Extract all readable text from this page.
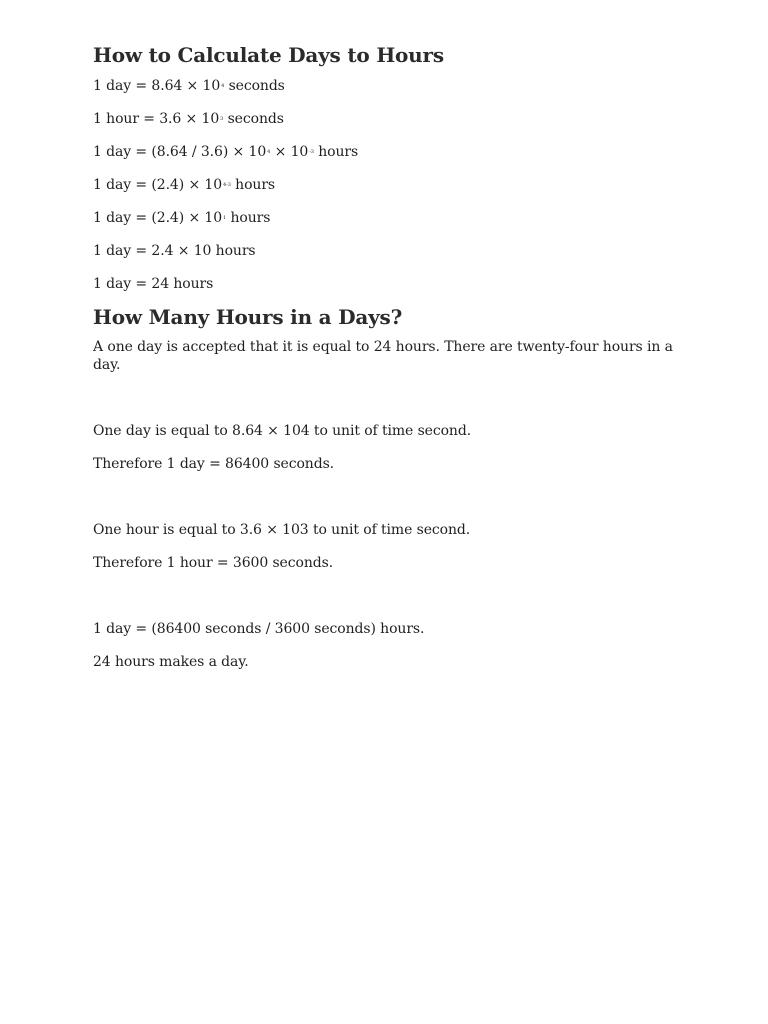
How to Calculate Days to Hours

1 day = $8.64 \times 10^4$ seconds

1 hour = $3.6 \times 10^3$ seconds

1 day = $(8.64 / 3.6) \times 10^4 \times 10^{-3}$ hours

1 day = $(2.4) \times 10^{4-3}$ hours

1 day = $(2.4) \times 10^1$ hours

1 day = 2.4 × 10 hours

1 day = 24 hours

How Many Hours in a Days?

A one day is accepted that it is equal to 24 hours. There are twenty-four hours in a day.

One day is equal to 8.64 × 104 to unit of time second.

Therefore 1 day = 86400 seconds.

One hour is equal to 3.6 × 103 to unit of time second.

Therefore 1 hour = 3600 seconds.

1 day = (86400 seconds / 3600 seconds) hours.

24 hours makes a day.
